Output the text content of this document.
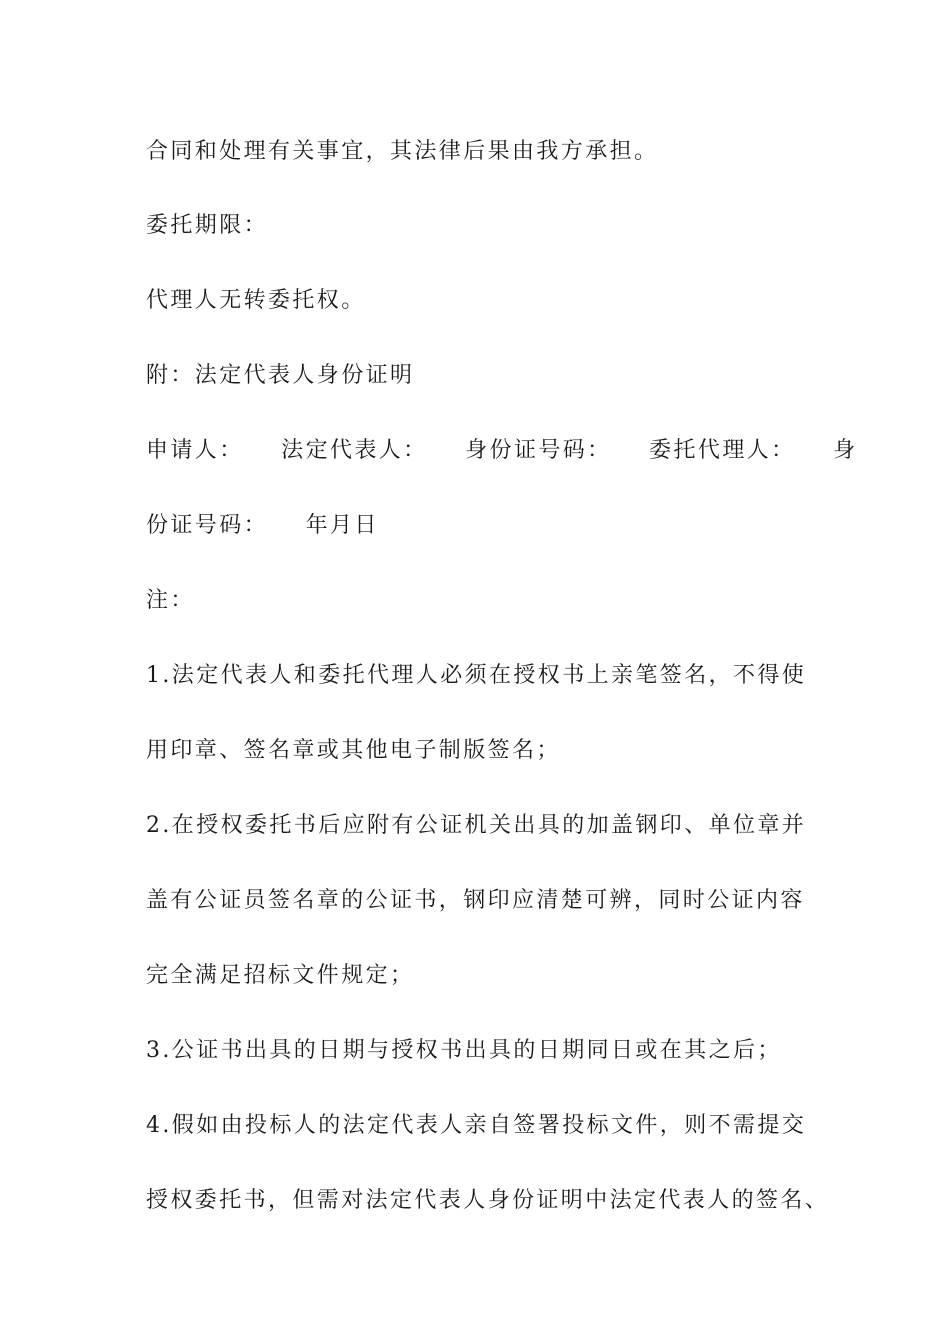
合同和处理有关事宜，其法律后果由我方承担。
委托期限：
代理人无转委托权。
附：法定代表人身份证明
申请人：    法定代表人：    身份证号码：    委托代理人：    身
份证号码：    年月日
注：
1.法定代表人和委托代理人必须在授权书上亲笔签名，不得使
用印章、签名章或其他电子制版签名；
2.在授权委托书后应附有公证机关出具的加盖钢印、单位章并
盖有公证员签名章的公证书，钢印应清楚可辨，同时公证内容
完全满足招标文件规定；
3.公证书出具的日期与授权书出具的日期同日或在其之后；
4.假如由投标人的法定代表人亲自签署投标文件，则不需提交
授权委托书，但需对法定代表人身份证明中法定代表人的签名、
